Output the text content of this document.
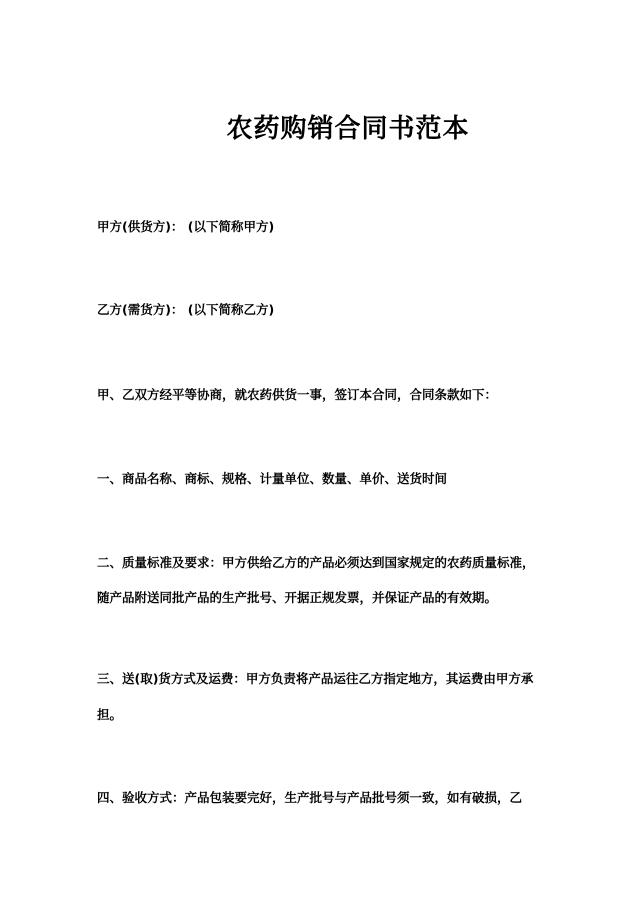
农药购销合同书范本
甲方(供货方)： (以下简称甲方)
乙方(需货方)： (以下简称乙方)
甲、乙双方经平等协商，就农药供货一事，签订本合同，合同条款如下：
一、商品名称、商标、规格、计量单位、数量、单价、送货时间
二、质量标准及要求：甲方供给乙方的产品必须达到国家规定的农药质量标准，
随产品附送同批产品的生产批号、开据正规发票，并保证产品的有效期。
三、送(取)货方式及运费：甲方负责将产品运往乙方指定地方，其运费由甲方承
担。
四、验收方式：产品包装要完好，生产批号与产品批号须一致，如有破损，乙
